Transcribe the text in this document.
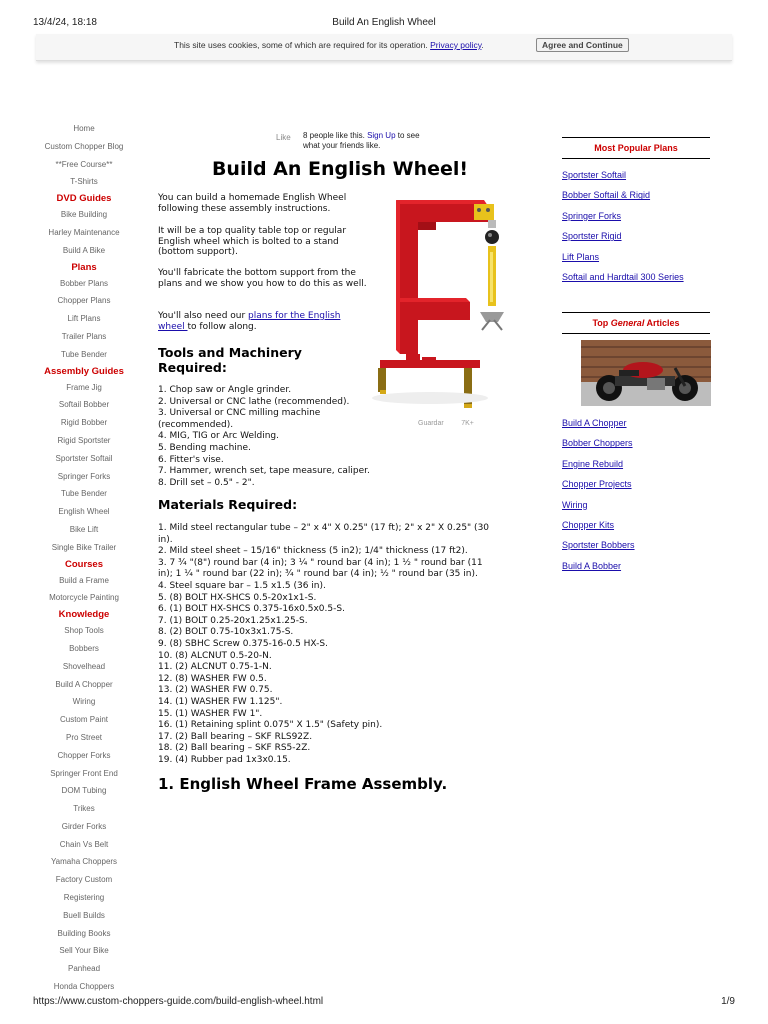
13/4/24, 18:18	Build An English Wheel
This site uses cookies, some of which are required for its operation. Privacy policy.	Agree and Continue
Home
Custom Chopper Blog
**Free Course**
T-Shirts
DVD Guides
Bike Building
Harley Maintenance
Build A Bike
Plans
Bobber Plans
Chopper Plans
Lift Plans
Trailer Plans
Tube Bender
Assembly Guides
Frame Jig
Softail Bobber
Rigid Bobber
Rigid Sportster
Sportster Softail
Springer Forks
Tube Bender
English Wheel
Bike Lift
Single Bike Trailer
Courses
Build a Frame
Motorcycle Painting
Knowledge
Shop Tools
Bobbers
Shovelhead
Build A Chopper
Wiring
Custom Paint
Pro Street
Chopper Forks
Springer Front End
DOM Tubing
Trikes
Girder Forks
Chain Vs Belt
Yamaha Choppers
Factory Custom
Registering
Buell Builds
Building Books
Sell Your Bike
Panhead
Honda Choppers
Like 8 people like this. Sign Up to see what your friends like.
Build An English Wheel!
You can build a homemade English Wheel following these assembly instructions.
It will be a top quality table top or regular English wheel which is bolted to a stand (bottom support).
You'll fabricate the bottom support from the plans and we show you how to do this as well.
You'll also need our plans for the English wheel to follow along.
Tools and Machinery Required:
1. Chop saw or Angle grinder.
2. Universal or CNC lathe (recommended).
3. Universal or CNC milling machine
(recommended).
4. MIG, TIG or Arc Welding.
5. Bending machine.
6. Fitter's vise.
7. Hammer, wrench set, tape measure, caliper.
8. Drill set – 0.5" - 2".
Guardar	7K+
Materials Required:
1. Mild steel rectangular tube – 2" x 4" X 0.25" (17 ft); 2" x 2" X 0.25" (30
in).
2. Mild steel sheet – 15/16" thickness (5 in2); 1/4" thickness (17 ft2).
3. 7 ¾ "(8") round bar (4 in); 3 ¼ " round bar (4 in); 1 ½ " round bar (11
in); 1 ¼ " round bar (22 in); ¾ " round bar (4 in); ½ " round bar (35 in).
4. Steel square bar – 1.5 x1.5 (36 in).
5. (8) BOLT HX-SHCS 0.5-20x1x1-S.
6. (1) BOLT HX-SHCS 0.375-16x0.5x0.5-S.
7. (1) BOLT 0.25-20x1.25x1.25-S.
8. (2) BOLT 0.75-10x3x1.75-S.
9. (8) SBHC Screw 0.375-16-0.5 HX-S.
10. (8) ALCNUT 0.5-20-N.
11. (2) ALCNUT 0.75-1-N.
12. (8) WASHER FW 0.5.
13. (2) WASHER FW 0.75.
14. (1) WASHER FW 1.125".
15. (1) WASHER FW 1".
16. (1) Retaining splint 0.075" X 1.5" (Safety pin).
17. (2) Ball bearing – SKF RLS92Z.
18. (2) Ball bearing – SKF RS5-2Z.
19. (4) Rubber pad 1x3x0.15.
1. English Wheel Frame Assembly.
Most Popular Plans
Sportster Softail
Bobber Softail & Rigid
Springer Forks
Sportster Rigid
Lift Plans
Softail and Hardtail 300 Series
Top General Articles
Build A Chopper
Bobber Choppers
Engine Rebuild
Chopper Projects
Wiring
Chopper Kits
Sportster Bobbers
Build A Bobber
https://www.custom-choppers-guide.com/build-english-wheel.html	1/9
